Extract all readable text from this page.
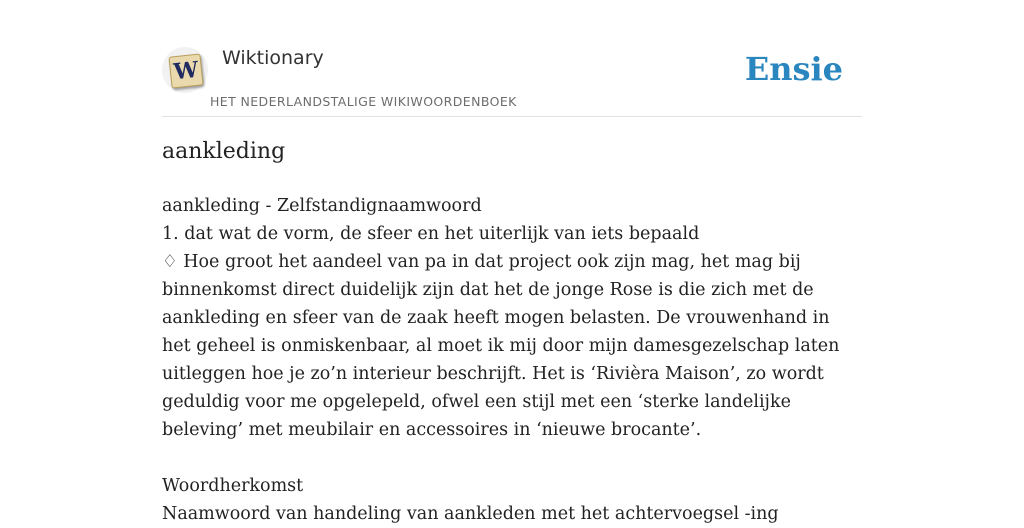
W Wiktionary
HET NEDERLANDSTALIGE WIKIWOORDENBOEK
Ensie
aankleding

aankleding - Zelfstandignaamwoord

1. dat wat de vorm, de sfeer en het uiterlijk van iets bepaald

♢ Hoe groot het aandeel van pa in dat project ook zijn mag, het mag bij binnenkomst direct duidelijk zijn dat het de jonge Rose is die zich met de aankleding en sfeer van de zaak heeft mogen belasten. De vrouwenhand in het geheel is onmiskenbaar, al moet ik mij door mijn damesgezelschap laten uitleggen hoe je zo’n interieur beschrijft. Het is ‘Rivièra Maison’, zo wordt geduldig voor me opgelepeld, ofwel een stijl met een ‘sterke landelijke beleving’ met meubilair en accessoires in ‘nieuwe brocante’.

Woordherkomst

Naamwoord van handeling van aankleden met het achtervoegsel -ing
